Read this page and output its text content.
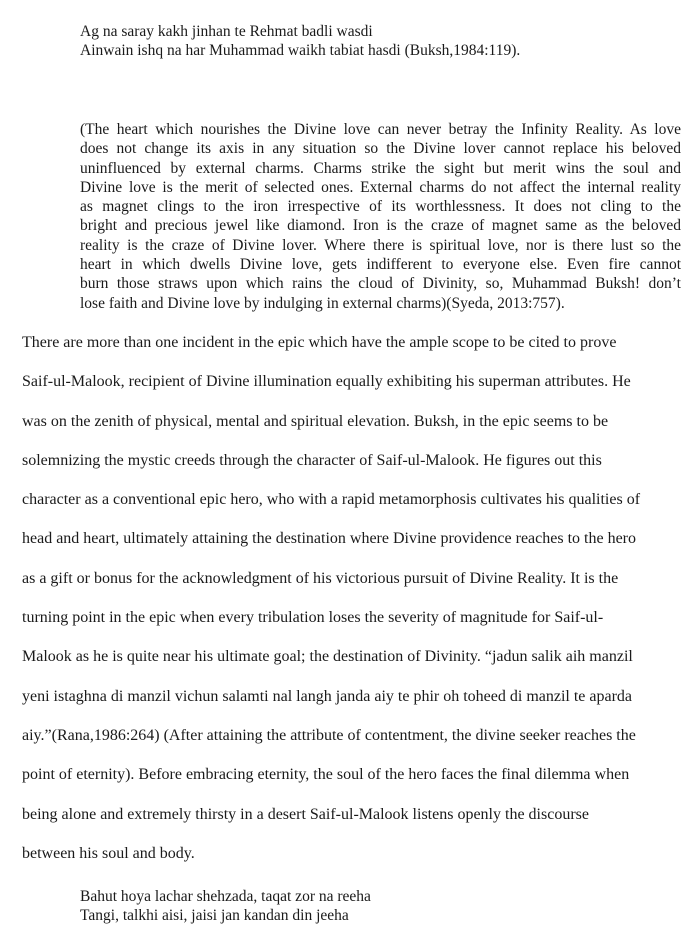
Ag na saray kakh jinhan te Rehmat badli wasdi
Ainwain ishq na har Muhammad waikh tabiat hasdi (Buksh,1984:119).
(The heart which nourishes the Divine love can never betray the Infinity Reality. As love
does not change its axis in any situation so the Divine lover cannot replace his beloved
uninfluenced by external charms. Charms strike the sight but merit wins the soul and
Divine love is the merit of selected ones. External charms do not affect the internal reality
as magnet clings to the iron irrespective of its worthlessness. It does not cling to the
bright and precious jewel like diamond. Iron is the craze of magnet same as the beloved
reality is the craze of Divine lover. Where there is spiritual love, nor is there lust so the
heart in which dwells Divine love, gets indifferent to everyone else. Even fire cannot
burn those straws upon which rains the cloud of Divinity, so, Muhammad Buksh! don’t
lose faith and Divine love by indulging in external charms)(Syeda, 2013:757).
There are more than one incident in the epic which have the ample scope to be cited to prove
Saif-ul-Malook, recipient of Divine illumination equally exhibiting his superman attributes. He
was on the zenith of physical, mental and spiritual elevation. Buksh, in the epic seems to be
solemnizing the mystic creeds through the character of Saif-ul-Malook. He figures out this
character as a conventional epic hero, who with a rapid metamorphosis cultivates his qualities of
head and heart, ultimately attaining the destination where Divine providence reaches to the hero
as a gift or bonus for the acknowledgment of his victorious pursuit of Divine Reality. It is the
turning point in the epic when every tribulation loses the severity of magnitude for Saif-ul-
Malook as he is quite near his ultimate goal; the destination of Divinity. “jadun salik aih manzil
yeni istaghna di manzil vichun salamti nal langh janda aiy te phir oh toheed di manzil te aparda
aiy.”(Rana,1986:264) (After attaining the attribute of contentment, the divine seeker reaches the
point of eternity). Before embracing eternity, the soul of the hero faces the final dilemma when
being alone and extremely thirsty in a desert Saif-ul-Malook listens openly the discourse
between his soul and body.
Bahut hoya lachar shehzada, taqat zor na reeha
Tangi, talkhi aisi, jaisi jan kandan din jeeha
